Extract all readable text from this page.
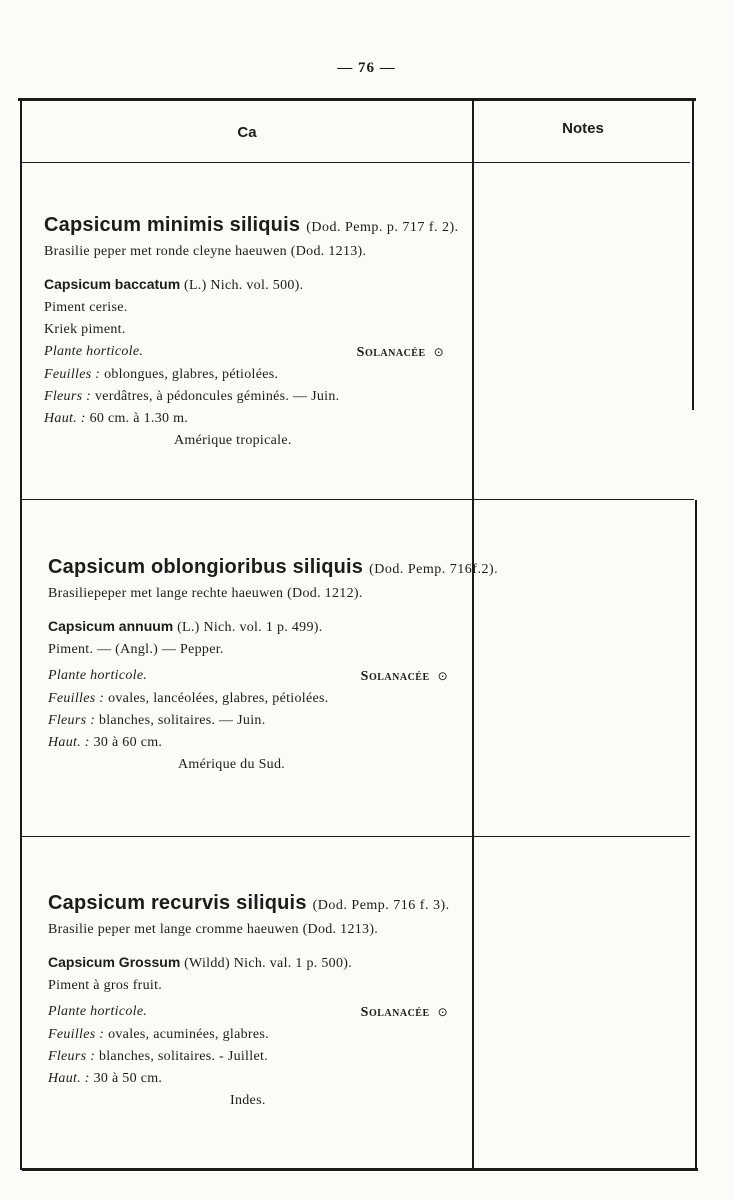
— 76 —
Ca	Notes
Capsicum minimis siliquis (Dod. Pemp. p. 717 f. 2).
Brasilie peper met ronde cleyne haeuwen (Dod. 1213).
Capsicum baccatum (L.) Nich. vol. 500).
Piment cerise.
Kriek piment.
Plante horticole.	Solanacée ⊙
Feuilles : oblongues, glabres, pétiolées.
Fleurs : verdâtres, à pédoncules géminés. — Juin.
Haut. : 60 cm. à 1.30 m.
Amérique tropicale.
Capsicum oblongioribus siliquis (Dod. Pemp. 716f.2).
Brasiliepeper met lange rechte haeuwen (Dod. 1212).
Capsicum annuum (L.) Nich. vol. 1 p. 499).
Piment. — (Angl.) — Pepper.
Plante horticole.	Solanacée ⊙
Feuilles : ovales, lancéolées, glabres, pétiolées.
Fleurs : blanches, solitaires. — Juin.
Haut. : 30 à 60 cm.
Amérique du Sud.
Capsicum recurvis siliquis (Dod. Pemp. 716 f. 3).
Brasilie peper met lange cromme haeuwen (Dod. 1213).
Capsicum Grossum (Wildd) Nich. val. 1 p. 500).
Piment à gros fruit.
Plante horticole.	Solanacée ⊙
Feuilles : ovales, acuminées, glabres.
Fleurs : blanches, solitaires. - Juillet.
Haut. : 30 à 50 cm.
Indes.
